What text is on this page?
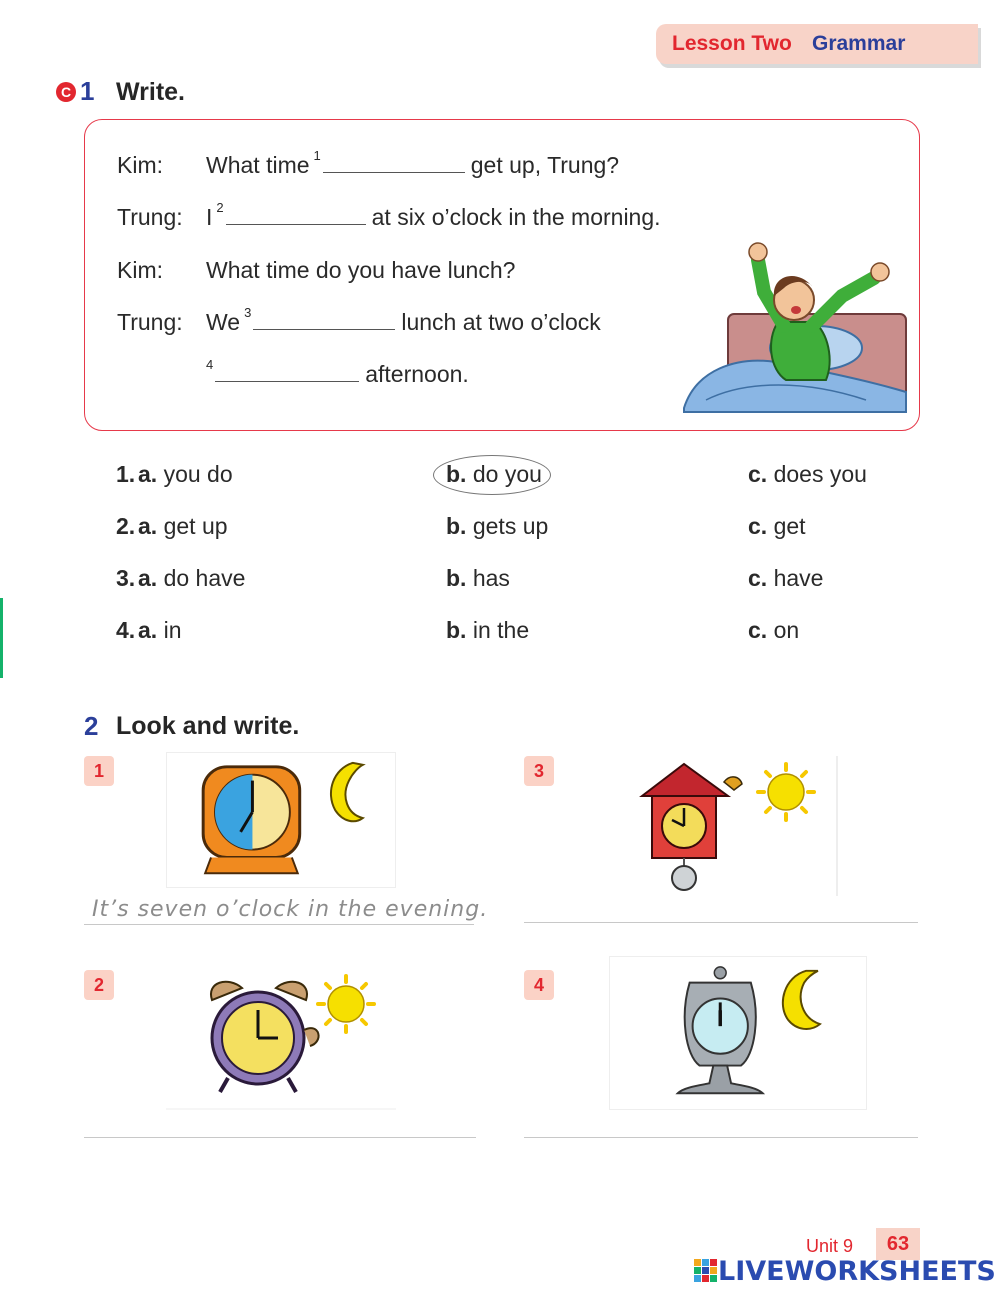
Lesson Two Grammar
C 1 Write.
Kim: What time $^1$	get up, Trung?
Trung: I $^2$	at six o’clock in the morning.
Kim: What time do you have lunch?
Trung: We $^3$	lunch at two o’clock
$^4$	afternoon.
1. a. you do	b. do you	c. does you
2. a. get up	b. gets up	c. get
3. a. do have	b. has	c. have
4. a. in	b. in the	c. on
2 Look and write.
1
It’s seven o’clock in the evening.
3
2	4
Unit 9	63
LIVEWORKSHEETS
